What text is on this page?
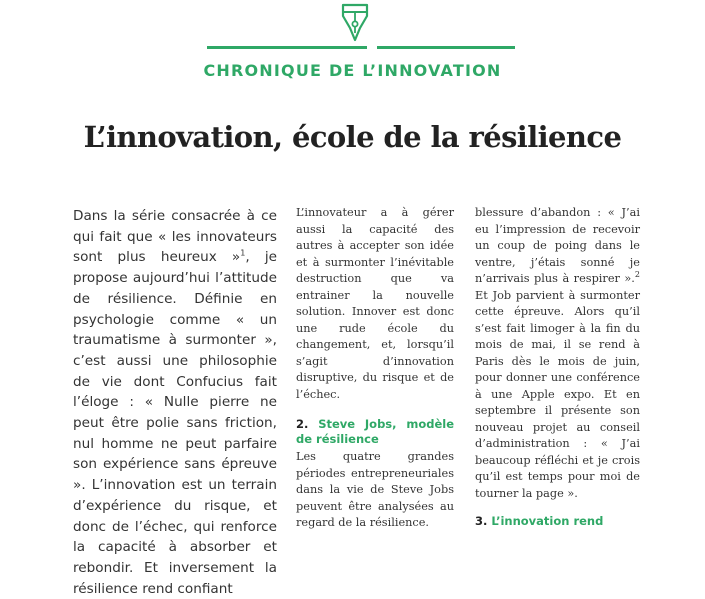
CHRONIQUE DE L’INNOVATION
L’innovation, école de la résilience

Dans la série consacrée à ce qui fait que « les innovateurs sont plus heureux »$^1$, je propose aujourd’hui l’attitude de résilience. Définie en psychologie comme « un traumatisme à surmonter », c’est aussi une philosophie de vie dont Confucius fait l’éloge : « Nulle pierre ne peut être polie sans friction, nul homme ne peut parfaire son expérience sans épreuve ». L’innovation est un terrain d’expérience du risque, et donc de l’échec, qui renforce la capacité à absorber et rebondir. Et inversement la résilience rend confiant

L’innovateur a à gérer aussi la capacité des autres à accepter son idée et à surmonter l’inévitable destruction que va entrainer la nouvelle solution. Innover est donc une rude école du changement, et, lorsqu’il s’agit d’innovation disruptive, du risque et de l’échec.

2. Steve Jobs, modèle de résilience

Les quatre grandes périodes entrepreneuriales dans la vie de Steve Jobs peuvent être analysées au regard de la résilience.

blessure d’abandon : « J’ai eu l’impression de recevoir un coup de poing dans le ventre, j’étais sonné je n’arrivais plus à respirer ».$^2$ Et Job parvient à surmonter cette épreuve. Alors qu’il s’est fait limoger à la fin du mois de mai, il se rend à Paris dès le mois de juin, pour donner une conférence à une Apple expo. Et en septembre il présente son nouveau projet au conseil d’administration : « J’ai beaucoup réfléchi et je crois qu’il est temps pour moi de tourner la page ».

3. L’innovation rend
